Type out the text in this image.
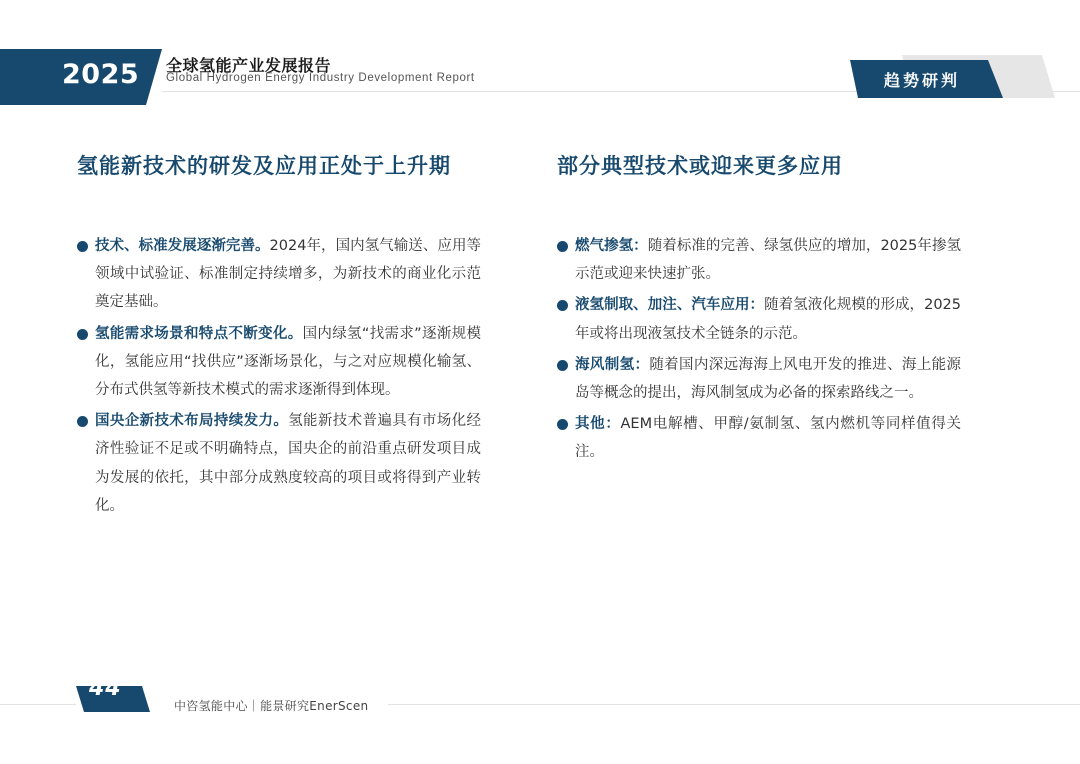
2025 全球氢能产业发展报告
Global Hydrogen Energy Industry Development Report	趋势研判
氢能新技术的研发及应用正处于上升期
技术、标准发展逐渐完善。2024年，国内氢气输送、应用等领域中试验证、标准制定持续增多，为新技术的商业化示范奠定基础。
氢能需求场景和特点不断变化。国内绿氢“找需求”逐渐规模化，氢能应用“找供应”逐渐场景化，与之对应规模化输氢、分布式供氢等新技术模式的需求逐渐得到体现。
国央企新技术布局持续发力。氢能新技术普遍具有市场化经济性验证不足或不明确特点，国央企的前沿重点研发项目成为发展的依托，其中部分成熟度较高的项目或将得到产业转化。
部分典型技术或迎来更多应用
燃气掺氢：随着标准的完善、绿氢供应的增加，2025年掺氢示范或迎来快速扩张。
液氢制取、加注、汽车应用：随着氢液化规模的形成，2025年或将出现液氢技术全链条的示范。
海风制氢：随着国内深远海海上风电开发的推进、海上能源岛等概念的提出，海风制氢成为必备的探索路线之一。
其他：AEM电解槽、甲醇/氨制氢、氢内燃机等同样值得关注。
44
中咨氢能中心｜能景研究EnerScen
